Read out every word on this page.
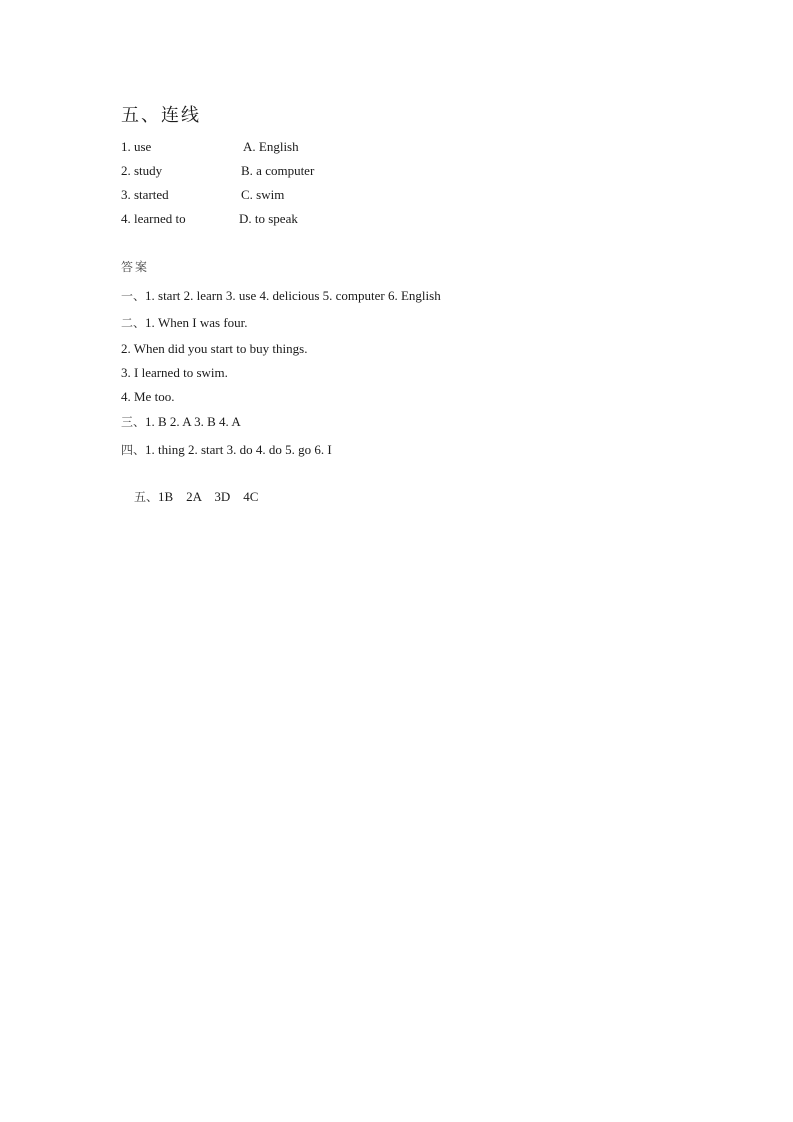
五、连线
1. use	A. English
2. study	B. a computer
3. started	C. swim
4. learned to	D. to speak
答案
一、1. start 2. learn 3. use 4. delicious 5. computer 6. English
二、1. When I was four.
2. When did you start to buy things.
3. I learned to swim.
4. Me too.
三、1. B 2. A 3. B 4. A
四、1. thing 2. start 3. do 4. do 5. go 6. I

五、1B    2A    3D    4C
